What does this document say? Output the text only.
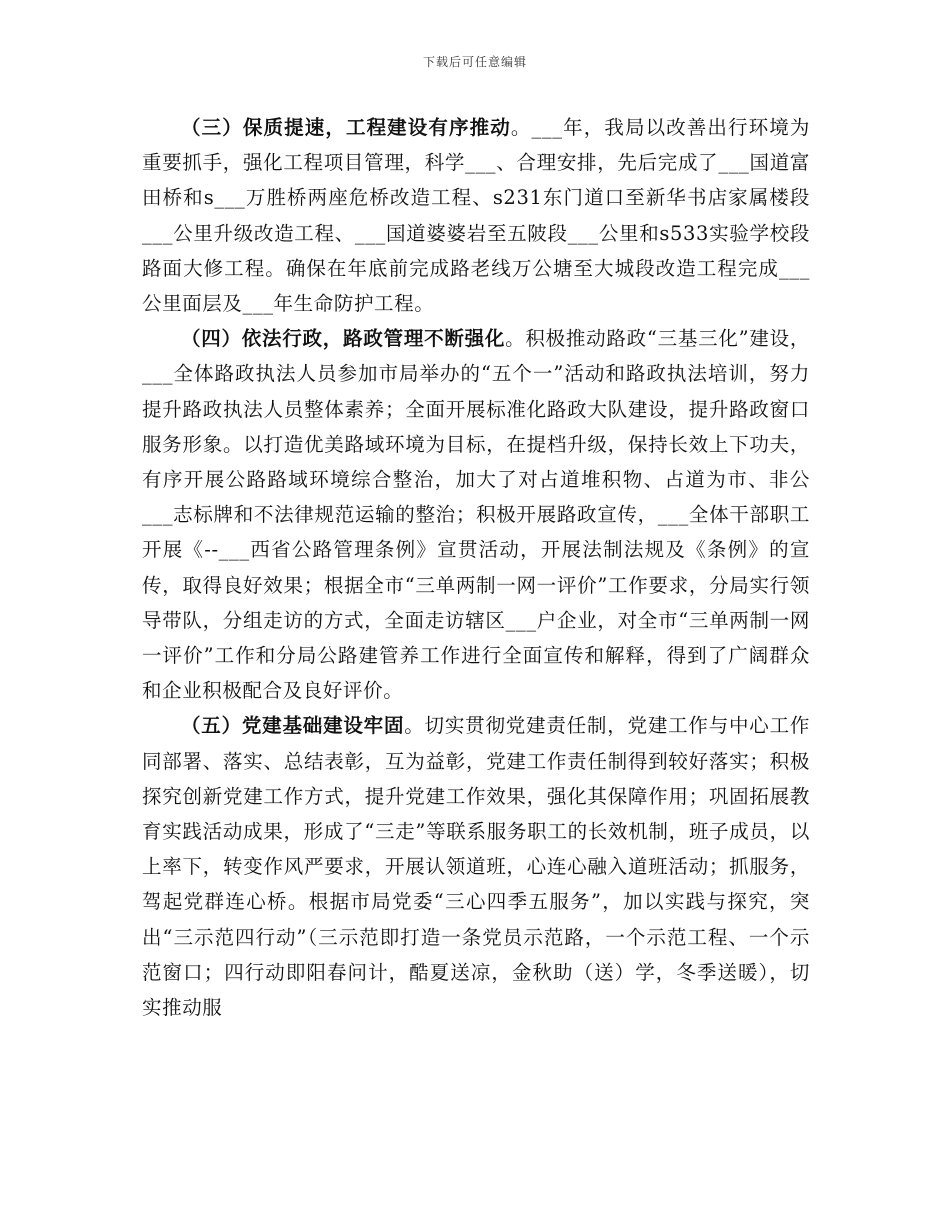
下载后可任意编辑

（三）保质提速，工程建设有序推动。___年，我局以改善出行环境为重要抓手，强化工程项目管理，科学___、合理安排，先后完成了___国道富田桥和s___万胜桥两座危桥改造工程、s231东门道口至新华书店家属楼段___公里升级改造工程、___国道婆婆岩至五陂段___公里和s533实验学校段路面大修工程。确保在年底前完成路老线万公塘至大城段改造工程完成___公里面层及___年生命防护工程。

（四）依法行政，路政管理不断强化。积极推动路政“三基三化”建设，___全体路政执法人员参加市局举办的“五个一”活动和路政执法培训，努力提升路政执法人员整体素养；全面开展标准化路政大队建设，提升路政窗口服务形象。以打造优美路域环境为目标，在提档升级，保持长效上下功夫，有序开展公路路域环境综合整治，加大了对占道堆积物、占道为市、非公___志标牌和不法律规范运输的整治；积极开展路政宣传，___全体干部职工开展《--___西省公路管理条例》宣贯活动，开展法制法规及《条例》的宣传，取得良好效果；根据全市“三单两制一网一评价”工作要求，分局实行领导带队，分组走访的方式，全面走访辖区___户企业，对全市“三单两制一网一评价”工作和分局公路建管养工作进行全面宣传和解释，得到了广阔群众和企业积极配合及良好评价。

（五）党建基础建设牢固。切实贯彻党建责任制，党建工作与中心工作同部署、落实、总结表彰，互为益彰，党建工作责任制得到较好落实；积极探究创新党建工作方式，提升党建工作效果，强化其保障作用；巩固拓展教育实践活动成果，形成了“三走”等联系服务职工的长效机制，班子成员，以上率下，转变作风严要求，开展认领道班，心连心融入道班活动；抓服务，驾起党群连心桥。根据市局党委“三心四季五服务”，加以实践与探究，突出“三示范四行动”（三示范即打造一条党员示范路，一个示范工程、一个示范窗口；四行动即阳春问计，酷夏送凉，金秋助（送）学，冬季送暖），切实推动服
